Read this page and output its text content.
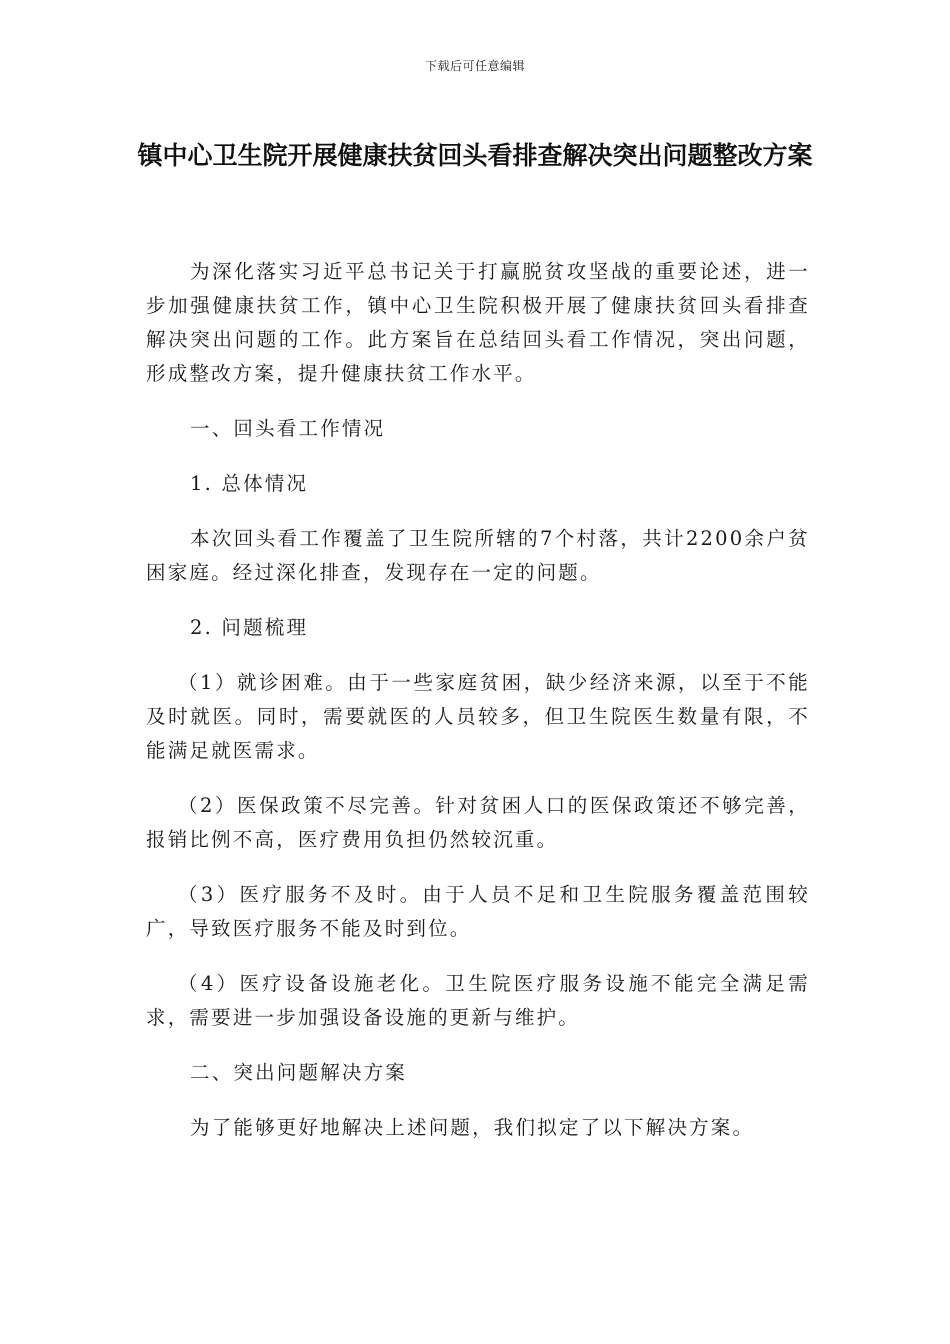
下载后可任意编辑
镇中心卫生院开展健康扶贫回头看排查解决突出问题整改方案

为深化落实习近平总书记关于打赢脱贫攻坚战的重要论述，进一步加强健康扶贫工作，镇中心卫生院积极开展了健康扶贫回头看排查解决突出问题的工作。此方案旨在总结回头看工作情况，突出问题，形成整改方案，提升健康扶贫工作水平。

一、回头看工作情况

1. 总体情况

本次回头看工作覆盖了卫生院所辖的7个村落，共计2200余户贫困家庭。经过深化排查，发现存在一定的问题。

2. 问题梳理

（1）就诊困难。由于一些家庭贫困，缺少经济来源，以至于不能及时就医。同时，需要就医的人员较多，但卫生院医生数量有限，不能满足就医需求。

（2）医保政策不尽完善。针对贫困人口的医保政策还不够完善，报销比例不高，医疗费用负担仍然较沉重。

（3）医疗服务不及时。由于人员不足和卫生院服务覆盖范围较广，导致医疗服务不能及时到位。

（4）医疗设备设施老化。卫生院医疗服务设施不能完全满足需求，需要进一步加强设备设施的更新与维护。

二、突出问题解决方案

为了能够更好地解决上述问题，我们拟定了以下解决方案。
